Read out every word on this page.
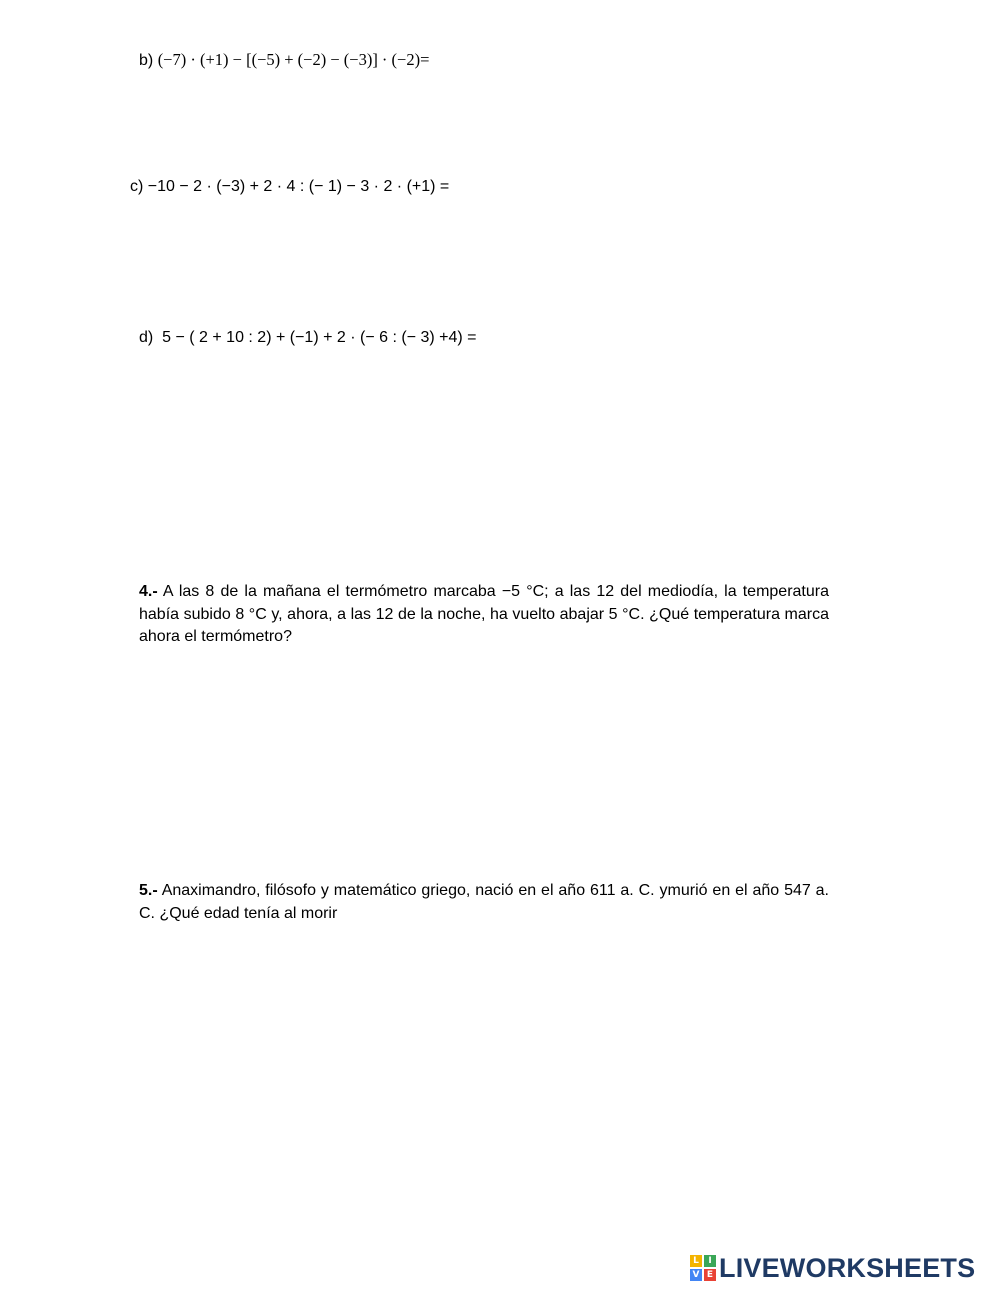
b) (−7) · (+1) − [(−5) + (−2) − (−3)] · (−2)=
c) −10 − 2 · (−3) + 2 · 4 : (− 1) − 3 · 2 · (+1) =
d) 5 − ( 2 + 10 : 2) + (−1) + 2 · (− 6 : (− 3) +4) =
4.- A las 8 de la mañana el termómetro marcaba −5 °C; a las 12 del mediodía, la temperatura había subido 8 °C y, ahora, a las 12 de la noche, ha vuelto abajar 5 °C. ¿Qué temperatura marca ahora el termómetro?
5.- Anaximandro, filósofo y matemático griego, nació en el año 611 a. C. ymurió en el año 547 a. C. ¿Qué edad tenía al morir
L	I
V E LIVEWORKSHEETS
